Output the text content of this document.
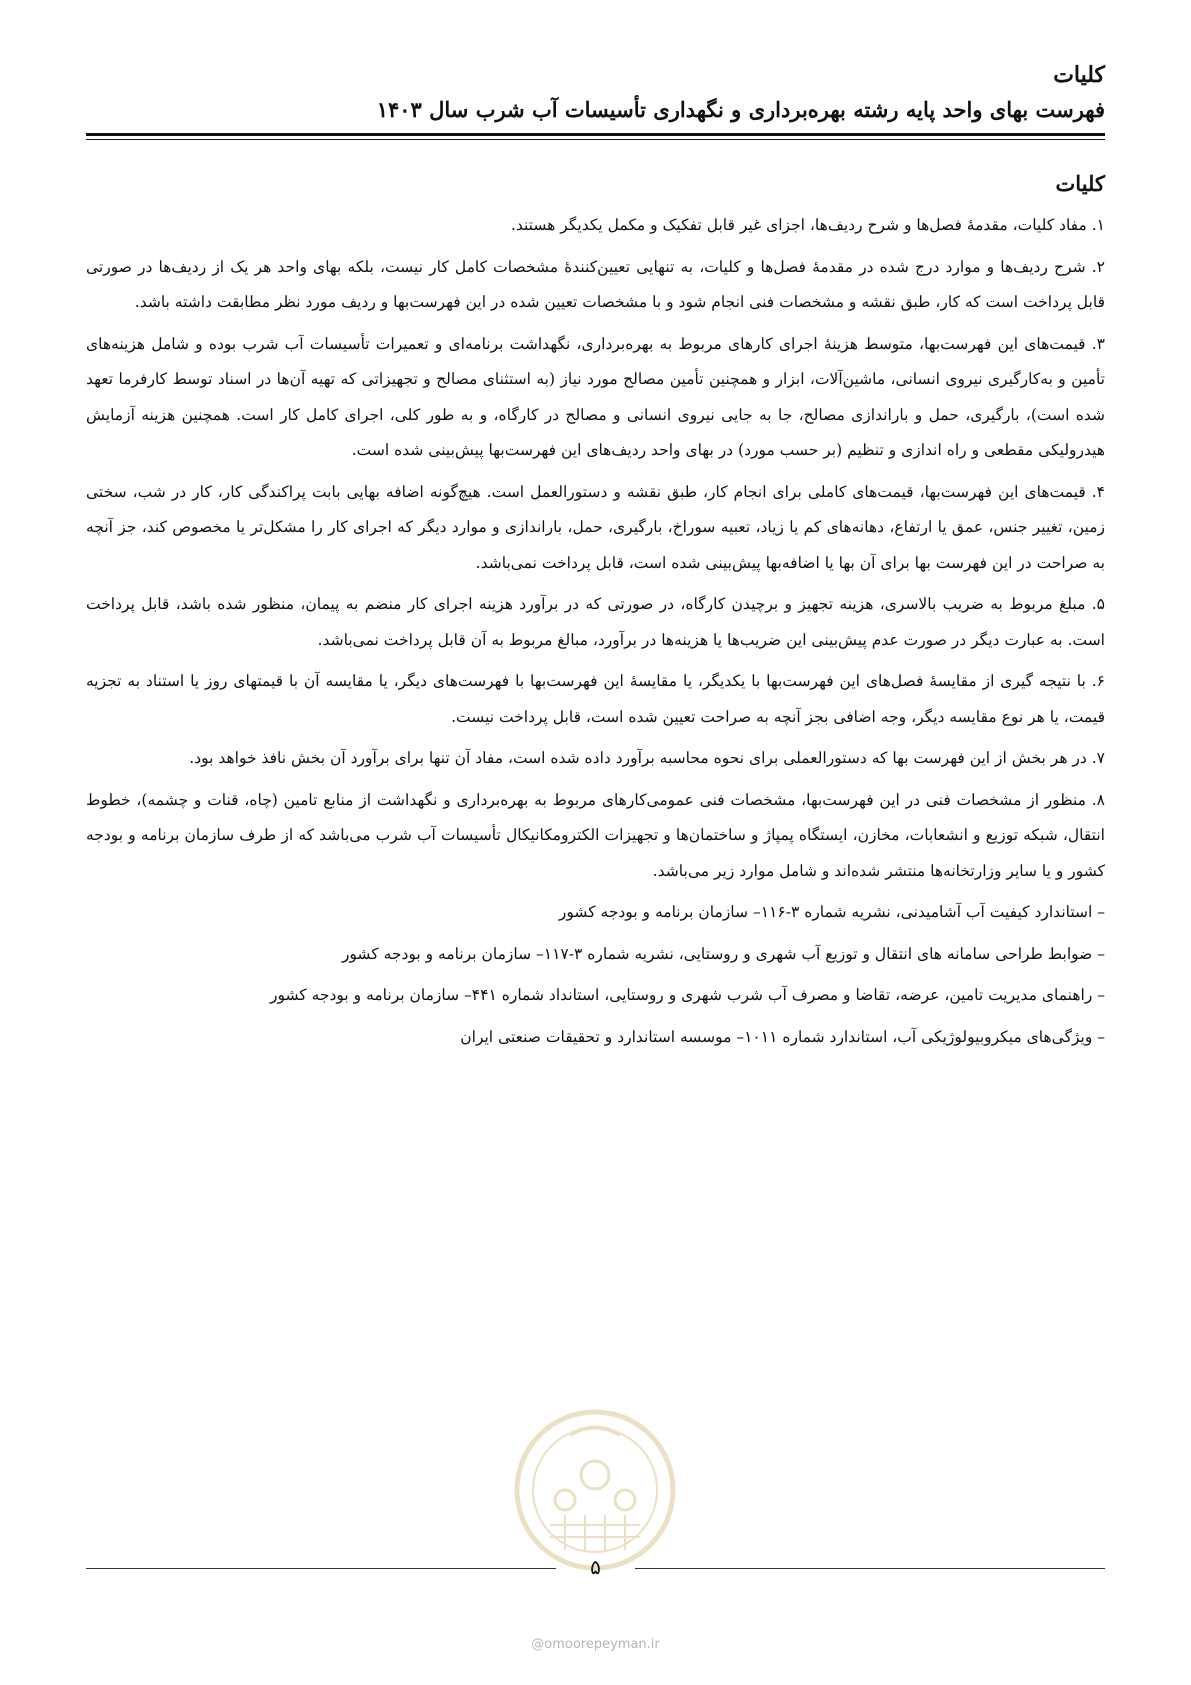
کلیات
فهرست بهای واحد پایه رشته بهره‌برداری و نگهداری تأسیسات آب شرب سال ۱۴۰۳
کلیات

۱. مفاد کلیات، مقدمهٔ فصل‌ها و شرح ردیف‌ها، اجزای غیر قابل تفکیک و مکمل یکدیگر هستند.

۲. شرح ردیف‌ها و موارد درج شده در مقدمهٔ فصل‌ها و کلیات، به تنهایی تعیین‌کنندهٔ مشخصات کامل کار نیست، بلکه بهای واحد هر یک از ردیف‌ها در صورتی قابل پرداخت است که کار، طبق نقشه و مشخصات فنی انجام شود و با مشخصات تعیین شده در این فهرست‌بها و ردیف مورد نظر مطابقت داشته باشد.

۳. قیمت‌های این فهرست‌بها، متوسط هزینهٔ اجرای کارهای مربوط به بهره‌برداری، نگهداشت برنامه‌ای و تعمیرات تأسیسات آب شرب بوده و شامل هزینه‌های تأمین و به‌کارگیری نیروی انسانی، ماشین‌آلات، ابزار و همچنین تأمین مصالح مورد نیاز (به استثنای مصالح و تجهیزاتی که تهیه آن‌ها در اسناد توسط کارفرما تعهد شده است)، بارگیری، حمل و باراندازی مصالح، جا به جایی نیروی انسانی و مصالح در کارگاه، و به طور کلی، اجرای کامل کار است. همچنین هزینه آزمایش هیدرولیکی مقطعی و راه اندازی و تنظیم (بر حسب مورد) در بهای واحد ردیف‌های این فهرست‌بها پیش‌بینی شده است.

۴. قیمت‌های این فهرست‌بها، قیمت‌های کاملی برای انجام کار، طبق نقشه و دستورالعمل است. هیچ‌گونه اضافه بهایی بابت پراکندگی کار، کار در شب، سختی زمین، تغییر جنس، عمق یا ارتفاع، دهانه‌های کم یا زیاد، تعبیه سوراخ، بارگیری، حمل، باراندازی و موارد دیگر که اجرای کار را مشکل‌تر یا مخصوص کند، جز آنچه به صراحت در این فهرست بها برای آن بها یا اضافه‌بها پیش‌بینی شده است، قابل پرداخت نمی‌باشد.

۵. مبلغ مربوط به ضریب بالاسری، هزینه تجهیز و برچیدن کارگاه، در صورتی که در برآورد هزینه اجرای کار منضم به پیمان، منظور شده باشد، قابل پرداخت است. به عبارت دیگر در صورت عدم پیش‌بینی این ضریب‌ها یا هزینه‌ها در برآورد، مبالغ مربوط به آن قابل پرداخت نمی‌باشد.

۶. با نتیجه گیری از مقایسهٔ فصل‌های این فهرست‌بها با یکدیگر، یا مقایسهٔ این فهرست‌بها با فهرست‌های دیگر، یا مقایسه آن با قیمتهای روز یا استناد به تجزیه قیمت، یا هر نوع مقایسه دیگر، وجه اضافی بجز آنچه به صراحت تعیین شده است، قابل پرداخت نیست.

۷. در هر بخش از این فهرست بها که دستورالعملی برای نحوه محاسبه برآورد داده شده است، مفاد آن تنها برای برآورد آن بخش نافذ خواهد بود.

۸. منظور از مشخصات فنی در این فهرست‌بها، مشخصات فنی عمومی‌کارهای مربوط به بهره‌برداری و نگهداشت از منابع تامین (چاه، قنات و چشمه)، خطوط انتقال، شبکه توزیع و انشعابات، مخازن، ایستگاه پمپاژ و ساختمان‌ها و تجهیزات الکترومکانیکال تأسیسات آب شرب می‌باشد که از طرف سازمان برنامه و بودجه کشور و یا سایر وزارتخانه‌ها منتشر شده‌اند و شامل موارد زیر می‌باشد.

– استاندارد کیفیت آب آشامیدنی، نشریه شماره ۳-۱۱۶– سازمان برنامه و بودجه کشور
– ضوابط طراحی سامانه های انتقال و توزیع آب شهری و روستایی، نشریه شماره ۳-۱۱۷– سازمان برنامه و بودجه کشور
– راهنمای مدیریت تامین، عرضه، تقاضا و مصرف آب شرب شهری و روستایی، استانداد شماره ۴۴۱– سازمان برنامه و بودجه کشور
– ویژگی‌های میکروبیولوژیکی آب، استاندارد شماره ۱۰۱۱– موسسه استاندارد و تحقیقات صنعتی ایران
۵
@omoorepeyman.ir
